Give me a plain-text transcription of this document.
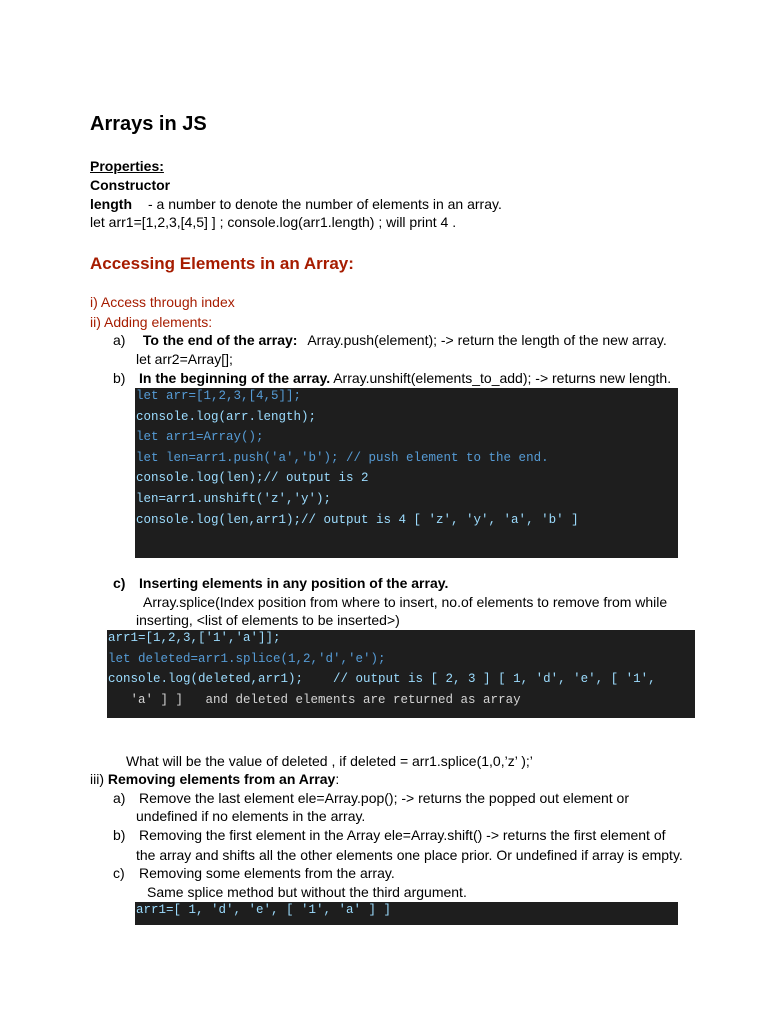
Arrays in JS
Properties:
Constructor
length - a number to denote the number of elements in an array.
let arr1=[1,2,3,[4,5] ] ; console.log(arr1.length) ; will print 4 .
Accessing Elements in an Array:
i) Access through index
ii) Adding elements:
a) To the end of the array: Array.push(element); -> return the length of the new array.
let arr2=Array[];
b) In the beginning of the array. Array.unshift(elements_to_add); -> returns new length.
let arr=[1,2,3,[4,5]];
console.log(arr.length);
let arr1=Array();
let len=arr1.push('a','b'); // push element to the end.
console.log(len);// output is 2
len=arr1.unshift('z','y');
console.log(len,arr1);// output is 4 [ 'z', 'y', 'a', 'b' ]
c) Inserting elements in any position of the array.
Array.splice(Index position from where to insert, no.of elements to remove from while
inserting, <list of elements to be inserted>)
arr1=[1,2,3,['1','a']];
let deleted=arr1.splice(1,2,'d','e');
console.log(deleted,arr1);    // output is [ 2, 3 ] [ 1, 'd', 'e', [ '1',
'a' ] ]   and deleted elements are returned as array
What will be the value of deleted , if deleted = arr1.splice(1,0,’z’ );’
iii) Removing elements from an Array:
a) Remove the last element ele=Array.pop(); -> returns the popped out element or
undefined if no elements in the array.
b) Removing the first element in the Array ele=Array.shift() -> returns the first element of
the array and shifts all the other elements one place prior. Or undefined if array is empty.
c) Removing some elements from the array.
Same splice method but without the third argument.
arr1=[ 1, 'd', 'e', [ '1', 'a' ] ]
